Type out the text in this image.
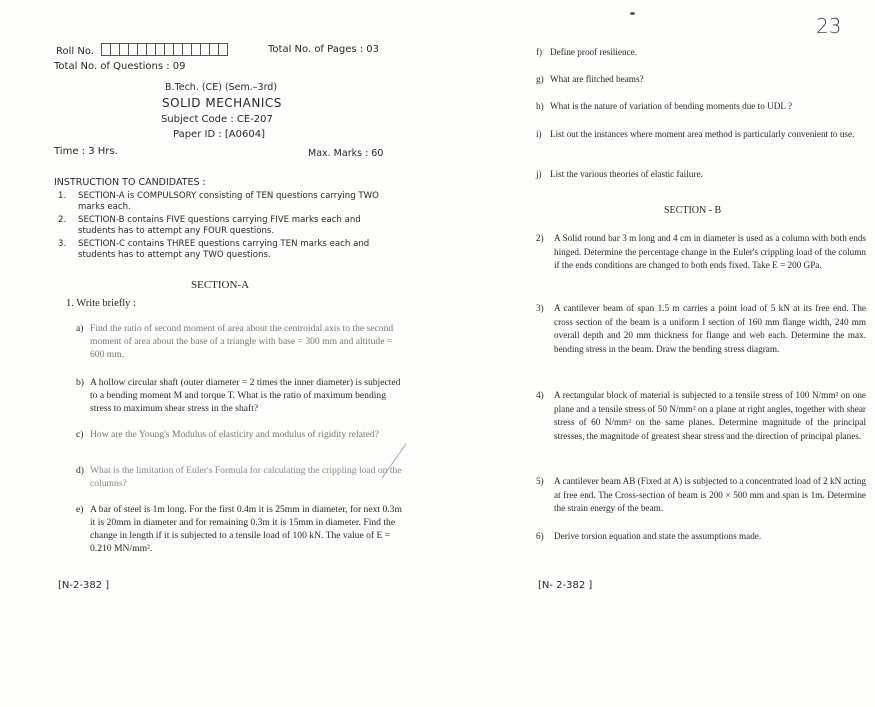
Roll No.	Total No. of Pages : 03
Total No. of Questions : 09
B.Tech. (CE) (Sem.–3rd)
SOLID MECHANICS
Subject Code : CE-207
Paper ID : [A0604]
Time : 3 Hrs.	Max. Marks : 60
INSTRUCTION TO CANDIDATES :
1.	SECTION-A is COMPULSORY consisting of TEN questions carrying TWO marks each.
2.	SECTION-B contains FIVE questions carrying FIVE marks each and students has to attempt any FOUR questions.
3.	SECTION-C contains THREE questions carrying TEN marks each and students has to attempt any TWO questions.
SECTION-A
1. Write briefly :
a) Find the ratio of second moment of area about the centroidal axis to the second moment of area about the base of a triangle with base = 300 mm and altitude = 600 mm.
b) A hollow circular shaft (outer diameter = 2 times the inner diameter) is subjected to a bending moment M and torque T. What is the ratio of maximum bending stress to maximum shear stress in the shaft?
c) How are the Young's Modulus of elasticity and modulus of rigidity related?
d) What is the limitation of Euler's Formula for calculating the crippling load on the columns?
e) A bar of steel is 1m long. For the first 0.4m it is 25mm in diameter, for next 0.3m it is 20mm in diameter and for remaining 0.3m it is 15mm in diameter. Find the change in length if it is subjected to a tensile load of 100 kN. The value of E = 0.210 MN/mm².
[N-2-382 ]
23
f) Define proof resilience.
g) What are flitched beams?
h) What is the nature of variation of bending moments due to UDL ?
i) List out the instances where moment area method is particularly convenient to use.
j) List the various theories of elastic failure.
SECTION - B
2)	A Solid round bar 3 m long and 4 cm in diameter is used as a column with both ends hinged. Determine the percentage change in the Euler's crippling load of the column if the ends conditions are changed to both ends fixed. Take E = 200 GPa.
3)	A cantilever beam of span 1.5 m carries a point load of 5 kN at its free end. The cross section of the beam is a uniform I section of 160 mm flange width, 240 mm overall depth and 20 mm thickness for flange and web each. Determine the max. bending stress in the beam. Draw the bending stress diagram.
4)	A rectangular block of material is subjected to a tensile stress of 100 N/mm² on one plane and a tensile stress of 50 N/mm² on a plane at right angles, together with shear stress of 60 N/mm² on the same planes. Determine magnitude of the principal stresses, the magnitude of greatest shear stress and the direction of principal planes.
5)	A cantilever beam AB (Fixed at A) is subjected to a concentrated load of 2 kN acting at free end. The Cross-section of beam is 200 × 500 mm and span is 1m. Determine the strain energy of the beam.
6)	Derive torsion equation and state the assumptions made.
[N- 2-382 ]
